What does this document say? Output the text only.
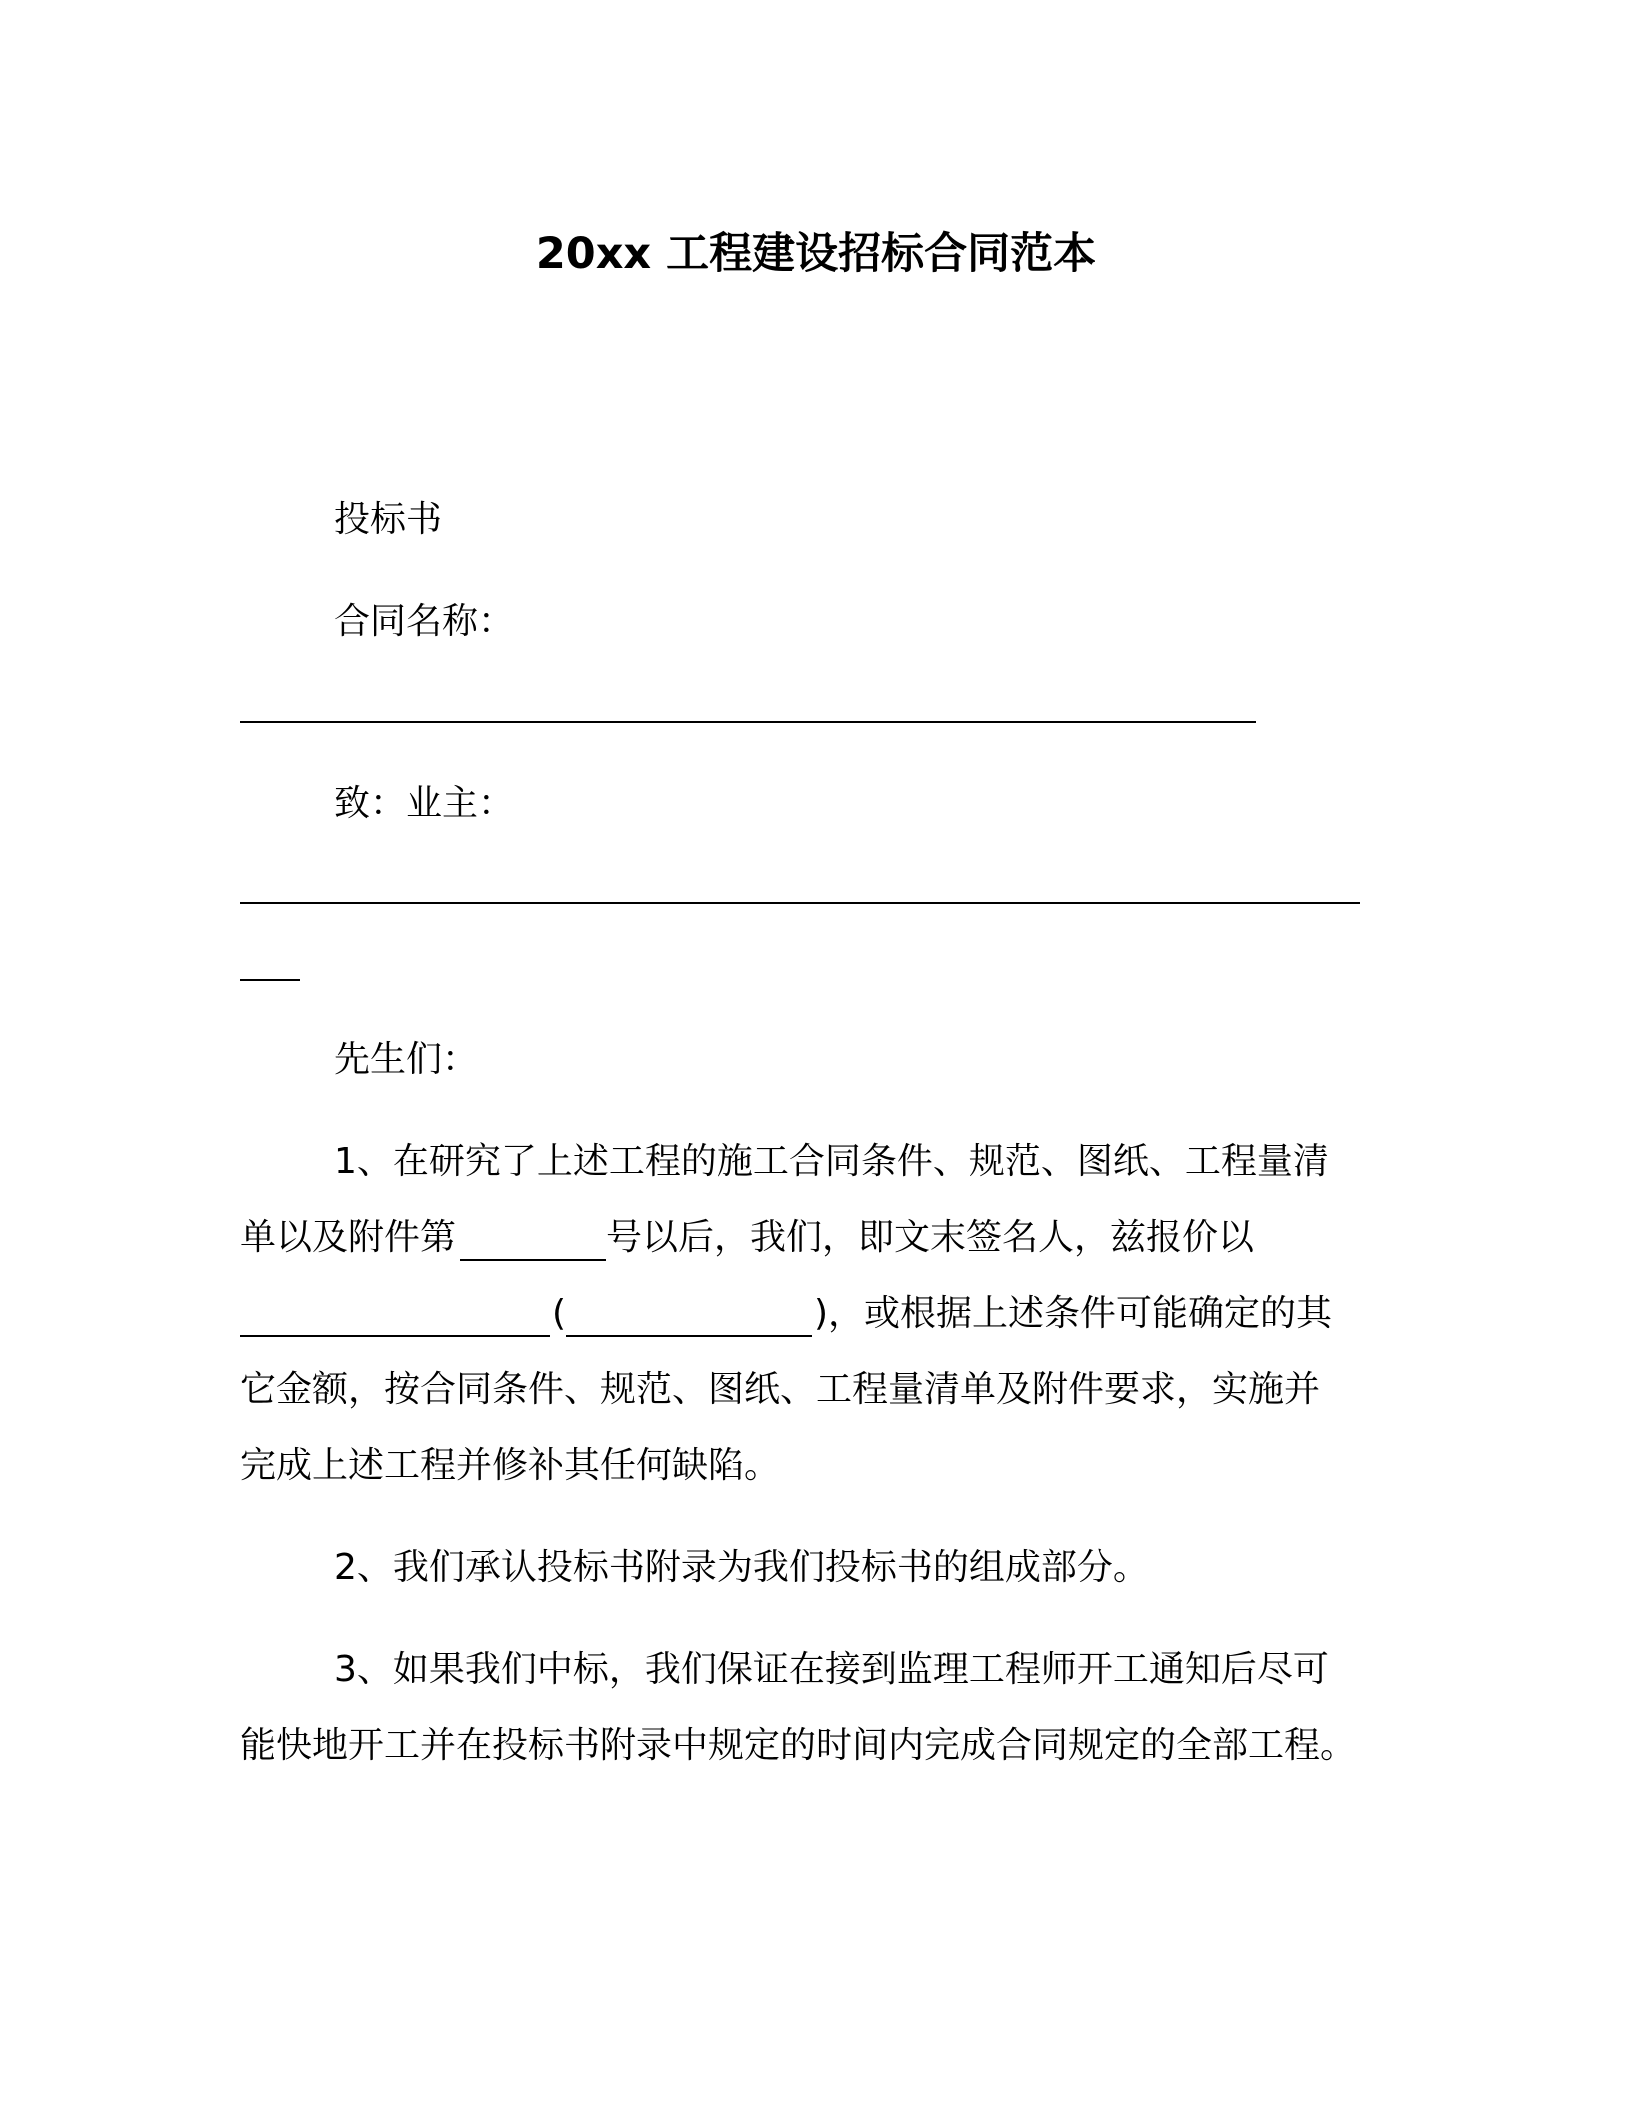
20xx 工程建设招标合同范本
投标书
合同名称：
致：业主：
先生们：
1、在研究了上述工程的施工合同条件、规范、图纸、工程量清
单以及附件第	号以后，我们，即文末签名人，兹报价以
(	)，或根据上述条件可能确定的其
它金额，按合同条件、规范、图纸、工程量清单及附件要求，实施并
完成上述工程并修补其任何缺陷。
2、我们承认投标书附录为我们投标书的组成部分。
3、如果我们中标，我们保证在接到监理工程师开工通知后尽可
能快地开工并在投标书附录中规定的时间内完成合同规定的全部工程。
